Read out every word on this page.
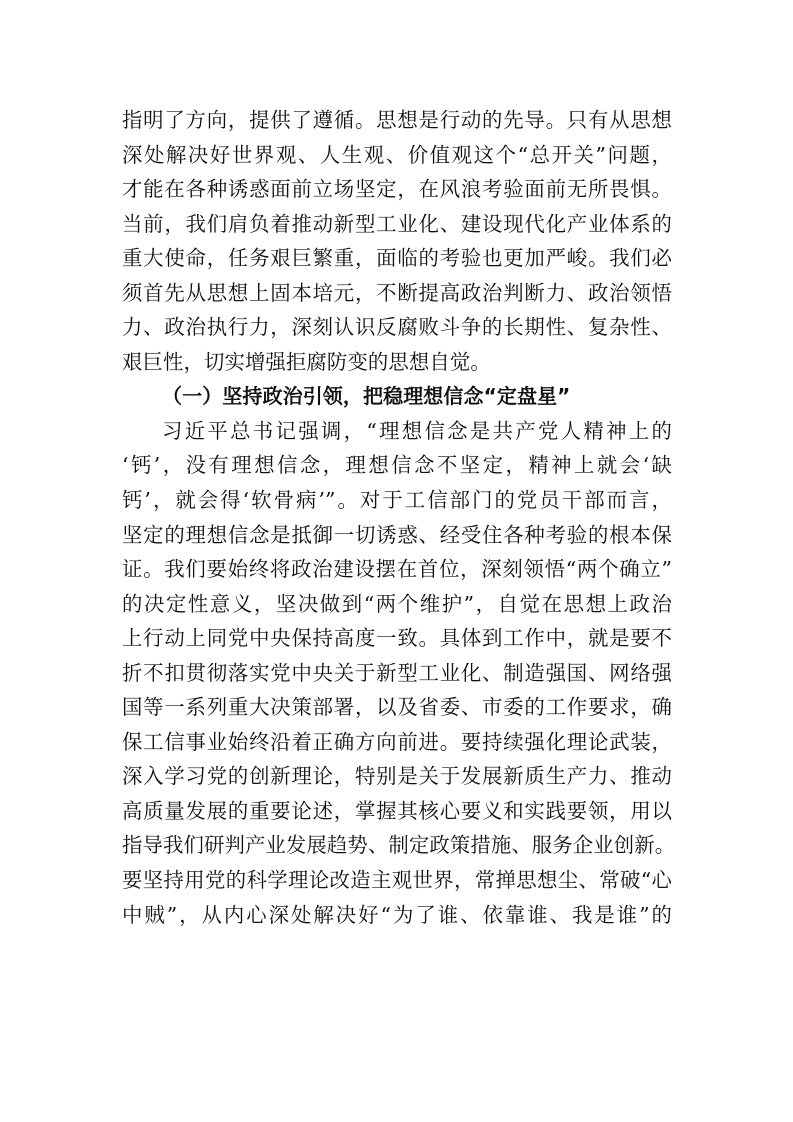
指明了方向，提供了遵循。思想是行动的先导。只有从思想
深处解决好世界观、人生观、价值观这个“总开关”问题，
才能在各种诱惑面前立场坚定，在风浪考验面前无所畏惧。
当前，我们肩负着推动新型工业化、建设现代化产业体系的
重大使命，任务艰巨繁重，面临的考验也更加严峻。我们必
须首先从思想上固本培元，不断提高政治判断力、政治领悟
力、政治执行力，深刻认识反腐败斗争的长期性、复杂性、
艰巨性，切实增强拒腐防变的思想自觉。
（一）坚持政治引领，把稳理想信念“定盘星”
习近平总书记强调，“理想信念是共产党人精神上的
‘钙’，没有理想信念，理想信念不坚定，精神上就会‘缺
钙’，就会得‘软骨病’”。对于工信部门的党员干部而言，
坚定的理想信念是抵御一切诱惑、经受住各种考验的根本保
证。我们要始终将政治建设摆在首位，深刻领悟“两个确立”
的决定性意义，坚决做到“两个维护”，自觉在思想上政治
上行动上同党中央保持高度一致。具体到工作中，就是要不
折不扣贯彻落实党中央关于新型工业化、制造强国、网络强
国等一系列重大决策部署，以及省委、市委的工作要求，确
保工信事业始终沿着正确方向前进。要持续强化理论武装，
深入学习党的创新理论，特别是关于发展新质生产力、推动
高质量发展的重要论述，掌握其核心要义和实践要领，用以
指导我们研判产业发展趋势、制定政策措施、服务企业创新。
要坚持用党的科学理论改造主观世界，常掸思想尘、常破“心
中贼”，从内心深处解决好“为了谁、依靠谁、我是谁”的
